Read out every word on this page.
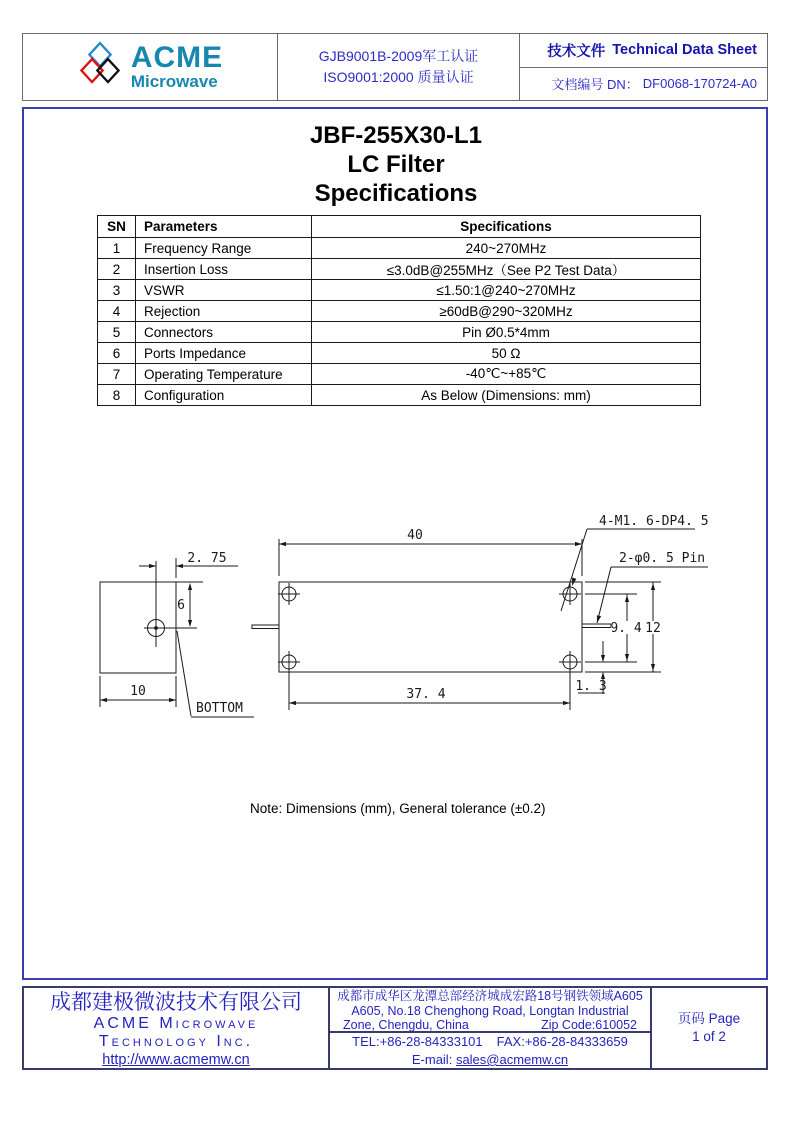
ACME
Microwave
GJB9001B-2009军工认证
ISO9001:2000 质量认证
技术文件 Technical Data Sheet
文档编号 DN： DF0068-170724-A0
JBF-255X30-L1
LC Filter
Specifications
SN	Parameters	Specifications
1	Frequency Range	240~270MHz
2	Insertion Loss	≤3.0dB@255MHz（See P2 Test Data）
3	VSWR	≤1.50:1@240~270MHz
4	Rejection	≥60dB@290~320MHz
5	Connectors	Pin Ø0.5*4mm
6	Ports Impedance	50 Ω
7	Operating Temperature	-40℃~+85℃
8	Configuration	As Below (Dimensions: mm)
2. 75
6
10
BOTTOM
40
37. 4
9. 4 12
1. 3
4-M1. 6-DP4. 5
2-φ0. 5 Pin
Note: Dimensions (mm), General tolerance (±0.2)
成都建极微波技术有限公司
ACME Microwave
Technology Inc.
http://www.acmemw.cn
成都市成华区龙潭总部经济城成宏路18号钢铁领域A605
A605, No.18 Chenghong Road, Longtan Industrial
Zone, Chengdu, China	Zip Code:610052
TEL:+86-28-84333101 FAX:+86-28-84333659
E-mail: sales@acmemw.cn
页码 Page
1 of 2
